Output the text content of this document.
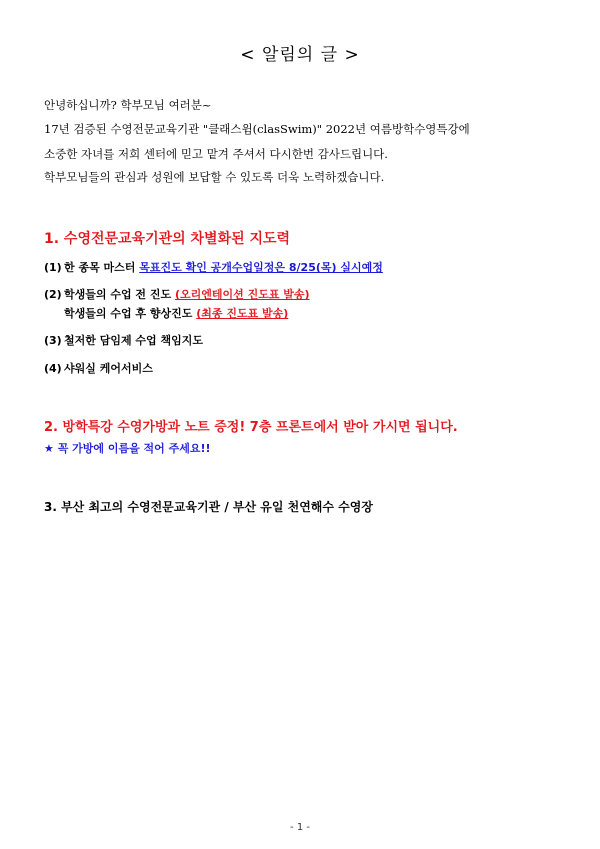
< 알림의 글 >
안녕하십니까? 학부모님 여러분~
17년 검증된 수영전문교육기관 "클래스윔(clasSwim)" 2022년 여름방학수영특강에
소중한 자녀를 저희 센터에 믿고 맡겨 주셔서 다시한번 감사드립니다.
학부모님들의 관심과 성원에 보답할 수 있도록 더욱 노력하겠습니다.
1. 수영전문교육기관의 차별화된 지도력
(1) 한 종목 마스터 목표진도 확인 공개수업일정은 8/25(목) 실시예정
(2) 학생들의 수업 전 진도 (오리엔테이션 진도표 발송)
학생들의 수업 후 향상진도 (최종 진도표 발송)
(3) 철저한 담임제 수업 책임지도
(4) 샤워실 케어서비스
2. 방학특강 수영가방과 노트 증정! 7층 프론트에서 받아 가시면 됩니다.
★ 꼭 가방에 이름을 적어 주세요!!
3. 부산 최고의 수영전문교육기관 / 부산 유일 천연해수 수영장
- 1 -
